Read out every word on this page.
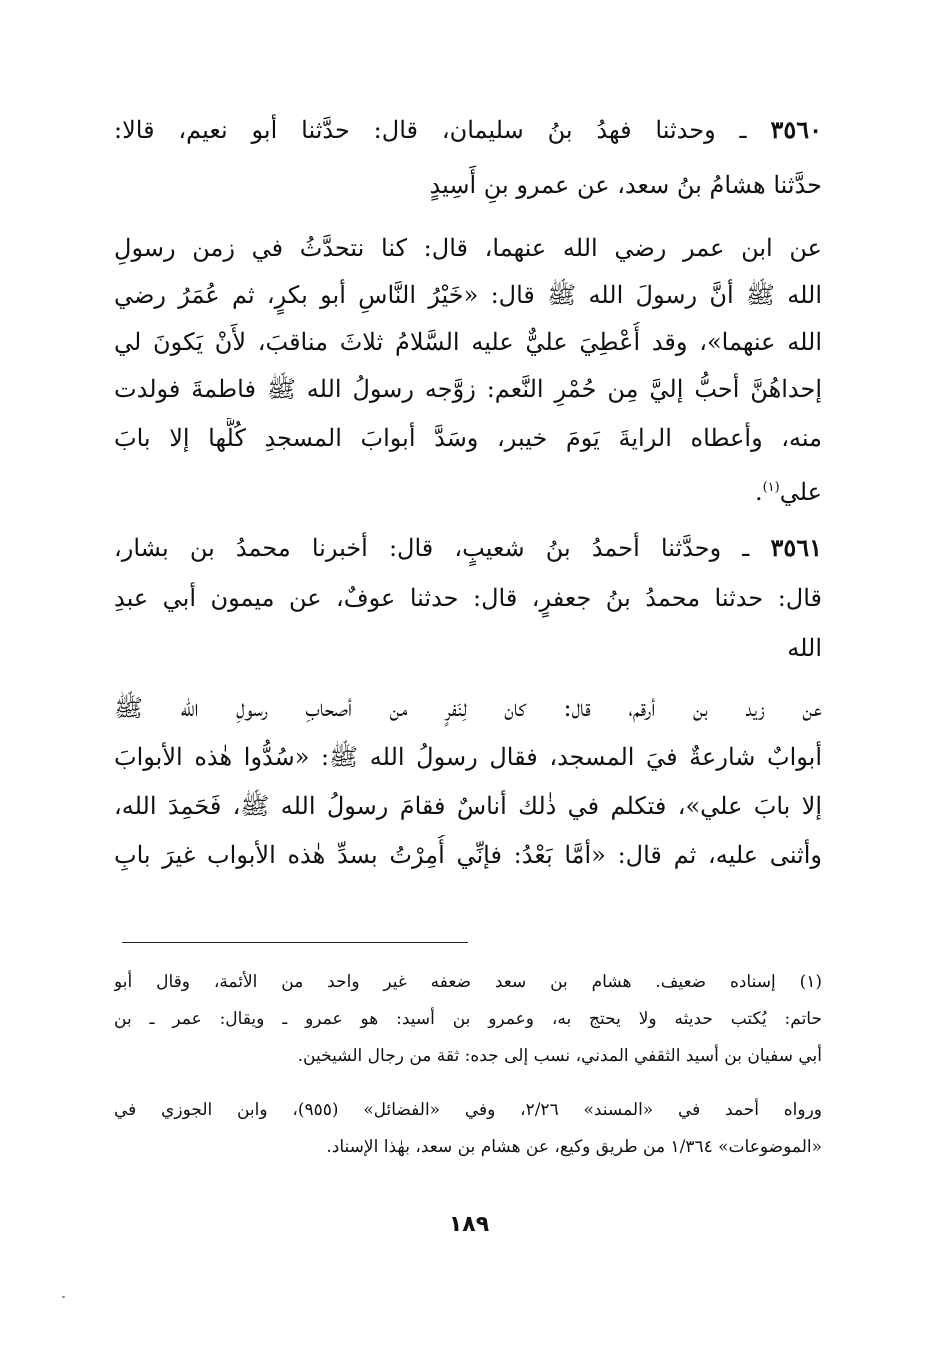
٣٥٦٠ ـ وحدثنا فهدُ بنُ سليمان، قال: حدَّثنا أبو نعيم، قالا:
حدَّثنا هشامُ بنُ سعد، عن عمرو بنِ أَسِيدٍ
عن ابن عمر رضي الله عنهما، قال: كنا نتحدَّثُ في زمن رسولِ
الله ﷺ أنَّ رسولَ الله ﷺ قال: «خَيْرُ النَّاسِ أبو بكرٍ، ثم عُمَرُ رضي
الله عنهما»، وقد أُعْطِيَ عليٌّ عليه السَّلامُ ثلاثَ مناقبَ، لأَنْ يَكونَ لي
إحداهُنَّ أحبُّ إليَّ مِن حُمْرِ النَّعم: زوَّجه رسولُ الله ﷺ فاطمةَ فولدت
منه، وأعطاه الرايةَ يَومَ خيبر، وسَدَّ أبوابَ المسجدِ كُلَّها إلا بابَ
علي$^{(١)}$.
٣٥٦١ ـ وحدَّثنا أحمدُ بنُ شعيبٍ، قال: أخبرنا محمدُ بن بشار،
قال: حدثنا محمدُ بنُ جعفرٍ، قال: حدثنا عوفٌ، عن ميمون أبي عبدِ
الله
عن زيد بن أرقم، قال: كان لِنَفرٍ من أصحابِ رسولِ الله ﷺ
أبوابٌ شارعةٌ فيَ المسجد، فقال رسولُ الله ﷺ: «سُدُّوا هٰذه الأبوابَ
إلا بابَ علي»، فتكلم في ذٰلك أناسٌ فقامَ رسولُ الله ﷺ، فَحَمِدَ الله،
وأثنى عليه، ثم قال: «أمَّا بَعْدُ: فإنِّي أُمِرْتُ بسدِّ هٰذه الأبواب غيرَ بابِ
(١) إسناده ضعيف. هشام بن سعد ضعفه غير واحد من الأئمة، وقال أبو
حاتم: يُكتب حديثه ولا يحتج به، وعمرو بن أسيد: هو عمرو ـ ويقال: عمر ـ بن
أبي سفيان بن أسيد الثقفي المدني، نسب إلى جده: ثقة من رجال الشيخين.
ورواه أحمد في «المسند» ٢/٢٦، وفي «الفضائل» (٩٥٥)، وابن الجوزي في
«الموضوعات» ١/٣٦٤ من طريق وكيع، عن هشام بن سعد، بهٰذا الإسناد.
١٨٩
